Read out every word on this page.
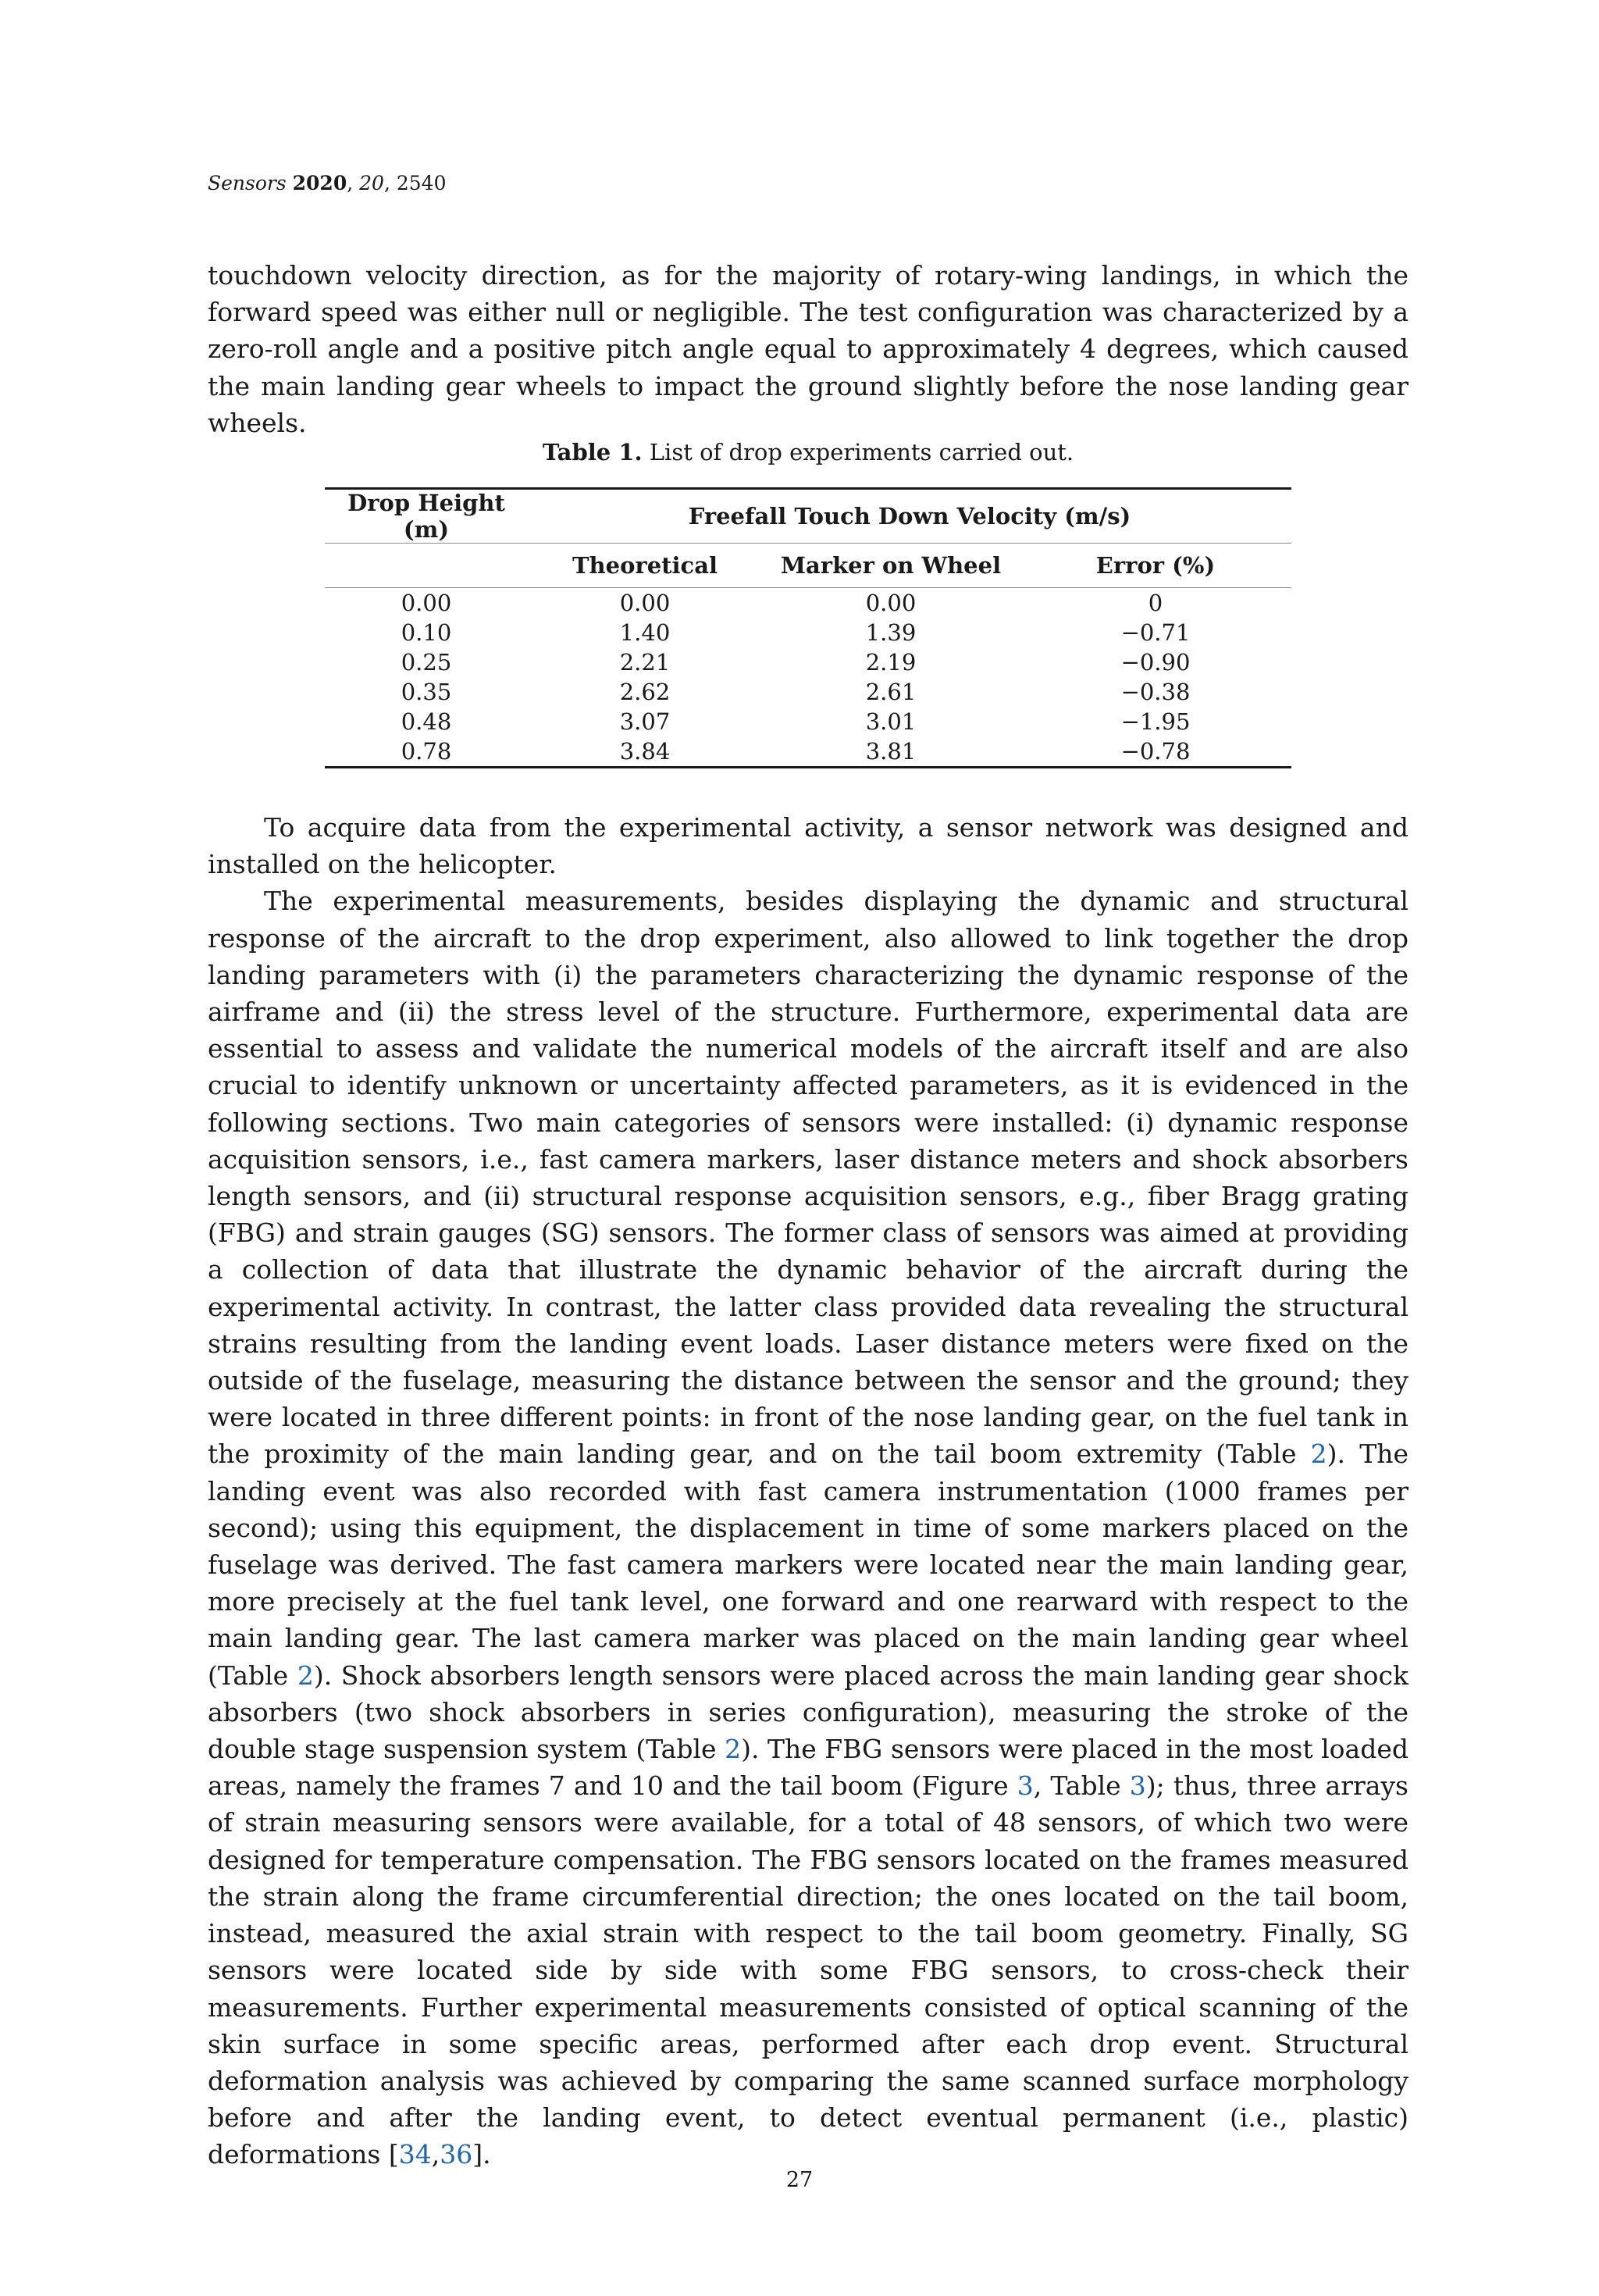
Sensors 2020, 20, 2540

touchdown velocity direction, as for the majority of rotary-wing landings, in which the forward speed was either null or negligible. The test configuration was characterized by a zero-roll angle and a positive pitch angle equal to approximately 4 degrees, which caused the main landing gear wheels to impact the ground slightly before the nose landing gear wheels.

Table 1. List of drop experiments carried out.
Drop Height (m)	Freefall Touch Down Velocity (m/s)		
	Theoretical	Marker on Wheel	Error (%)
0.00	0.00	0.00	0
0.10	1.40	1.39	−0.71
0.25	2.21	2.19	−0.90
0.35	2.62	2.61	−0.38
0.48	3.07	3.01	−1.95
0.78	3.84	3.81	−0.78

To acquire data from the experimental activity, a sensor network was designed and installed on the helicopter.

The experimental measurements, besides displaying the dynamic and structural response of the aircraft to the drop experiment, also allowed to link together the drop landing parameters with (i) the parameters characterizing the dynamic response of the airframe and (ii) the stress level of the structure. Furthermore, experimental data are essential to assess and validate the numerical models of the aircraft itself and are also crucial to identify unknown or uncertainty affected parameters, as it is evidenced in the following sections. Two main categories of sensors were installed: (i) dynamic response acquisition sensors, i.e., fast camera markers, laser distance meters and shock absorbers length sensors, and (ii) structural response acquisition sensors, e.g., fiber Bragg grating (FBG) and strain gauges (SG) sensors. The former class of sensors was aimed at providing a collection of data that illustrate the dynamic behavior of the aircraft during the experimental activity. In contrast, the latter class provided data revealing the structural strains resulting from the landing event loads. Laser distance meters were fixed on the outside of the fuselage, measuring the distance between the sensor and the ground; they were located in three different points: in front of the nose landing gear, on the fuel tank in the proximity of the main landing gear, and on the tail boom extremity (Table 2). The landing event was also recorded with fast camera instrumentation (1000 frames per second); using this equipment, the displacement in time of some markers placed on the fuselage was derived. The fast camera markers were located near the main landing gear, more precisely at the fuel tank level, one forward and one rearward with respect to the main landing gear. The last camera marker was placed on the main landing gear wheel (Table 2). Shock absorbers length sensors were placed across the main landing gear shock absorbers (two shock absorbers in series configuration), measuring the stroke of the double stage suspension system (Table 2). The FBG sensors were placed in the most loaded areas, namely the frames 7 and 10 and the tail boom (Figure 3, Table 3); thus, three arrays of strain measuring sensors were available, for a total of 48 sensors, of which two were designed for temperature compensation. The FBG sensors located on the frames measured the strain along the frame circumferential direction; the ones located on the tail boom, instead, measured the axial strain with respect to the tail boom geometry. Finally, SG sensors were located side by side with some FBG sensors, to cross-check their measurements. Further experimental measurements consisted of optical scanning of the skin surface in some specific areas, performed after each drop event. Structural deformation analysis was achieved by comparing the same scanned surface morphology before and after the landing event, to detect eventual permanent (i.e., plastic) deformations [34,36].

27
